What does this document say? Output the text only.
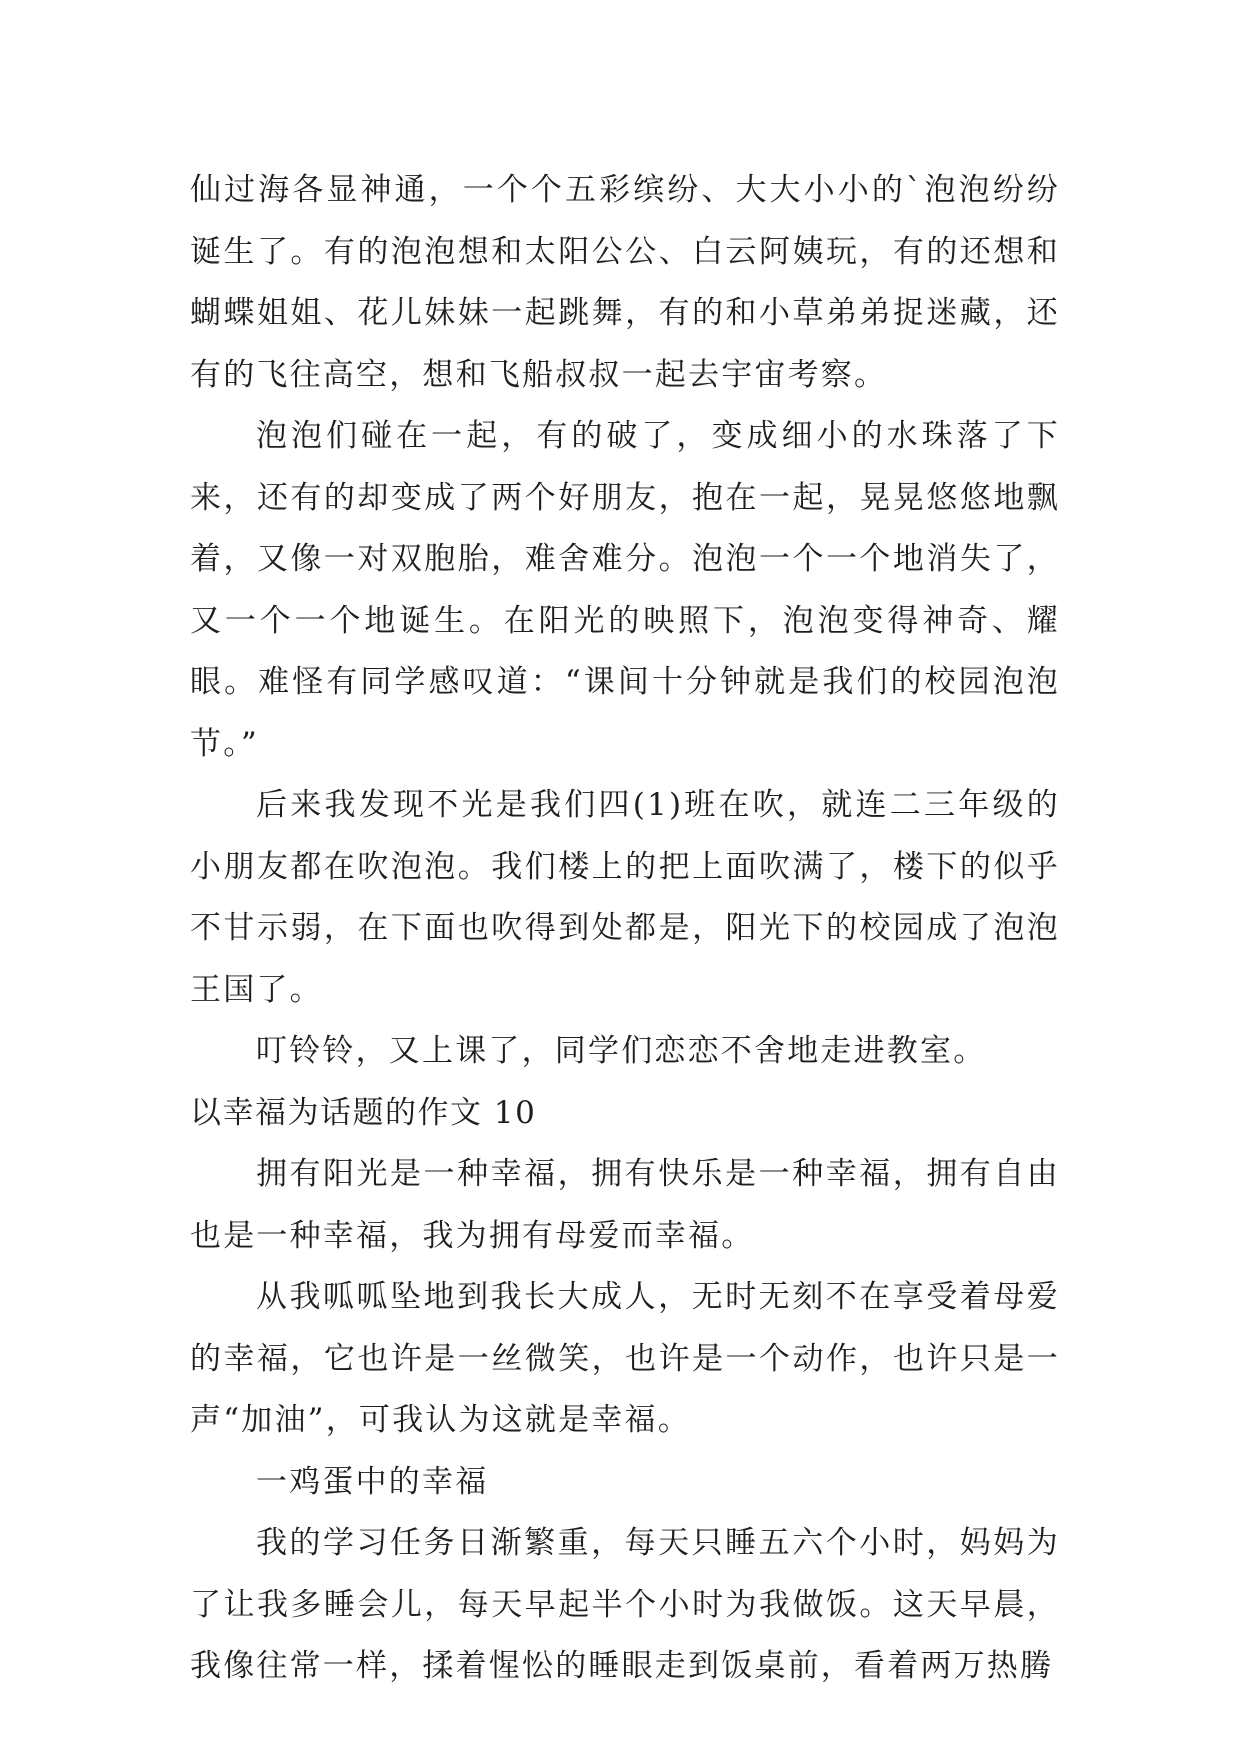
仙过海各显神通，一个个五彩缤纷、大大小小的`泡泡纷纷诞生了。有的泡泡想和太阳公公、白云阿姨玩，有的还想和蝴蝶姐姐、花儿妹妹一起跳舞，有的和小草弟弟捉迷藏，还有的飞往高空，想和飞船叔叔一起去宇宙考察。

泡泡们碰在一起，有的破了，变成细小的水珠落了下来，还有的却变成了两个好朋友，抱在一起，晃晃悠悠地飘着，又像一对双胞胎，难舍难分。泡泡一个一个地消失了，又一个一个地诞生。在阳光的映照下，泡泡变得神奇、耀眼。难怪有同学感叹道：“课间十分钟就是我们的校园泡泡节。”

后来我发现不光是我们四(1)班在吹，就连二三年级的小朋友都在吹泡泡。我们楼上的把上面吹满了，楼下的似乎不甘示弱，在下面也吹得到处都是，阳光下的校园成了泡泡王国了。

叮铃铃，又上课了，同学们恋恋不舍地走进教室。

以幸福为话题的作文 10

拥有阳光是一种幸福，拥有快乐是一种幸福，拥有自由也是一种幸福，我为拥有母爱而幸福。

从我呱呱坠地到我长大成人，无时无刻不在享受着母爱的幸福，它也许是一丝微笑，也许是一个动作，也许只是一声“加油”，可我认为这就是幸福。

一鸡蛋中的幸福

我的学习任务日渐繁重，每天只睡五六个小时，妈妈为了让我多睡会儿，每天早起半个小时为我做饭。这天早晨，我像往常一样，揉着惺忪的睡眼走到饭桌前，看着两万热腾
